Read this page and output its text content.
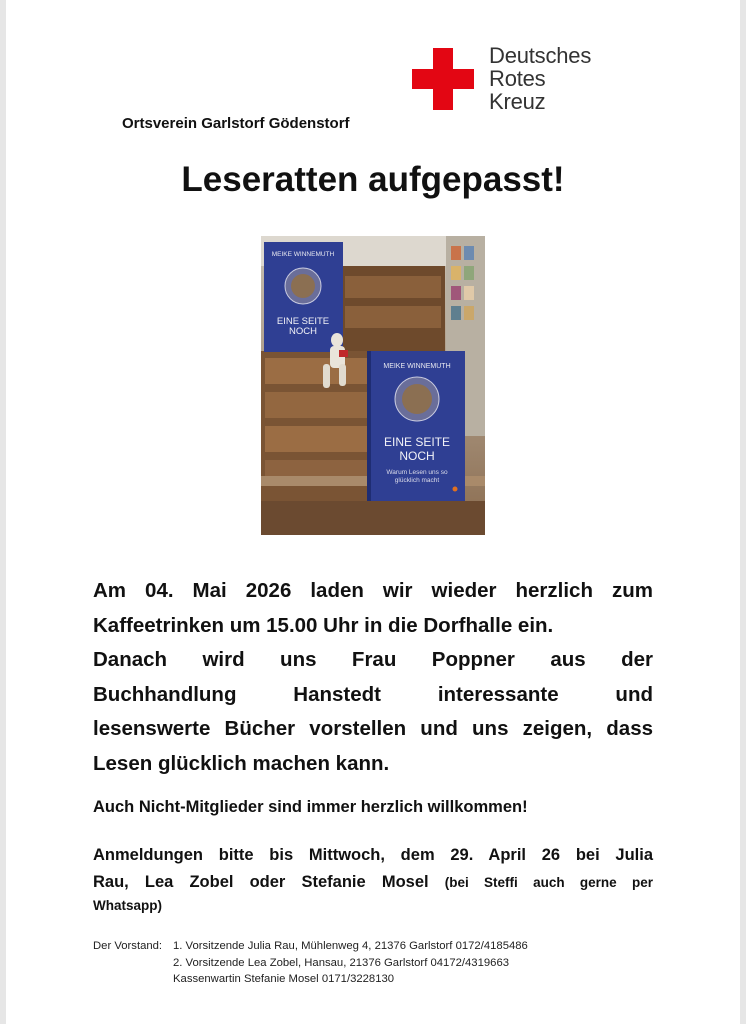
Deutsches
Rotes
Kreuz
Ortsverein Garlstorf Gödenstorf
Leseratten aufgepasst!
MEIKE WINNEMUTH
EINE SEITE
NOCH
MEIKE WINNEMUTH
EINE SEITE
NOCH
Warum Lesen uns so
glücklich macht
Am 04. Mai 2026 laden wir wieder herzlich zum
Kaffeetrinken um 15.00 Uhr in die Dorfhalle ein.
Danach wird uns Frau Poppner aus der
Buchhandlung Hanstedt interessante und
lesenswerte Bücher vorstellen und uns zeigen, dass
Lesen glücklich machen kann.
Auch Nicht-Mitglieder sind immer herzlich willkommen!
Anmeldungen bitte bis Mittwoch, dem 29. April 26 bei Julia
Rau, Lea Zobel oder Stefanie Mosel (bei Steffi auch gerne per
Whatsapp)
Der Vorstand: 1. Vorsitzende Julia Rau, Mühlenweg 4, 21376 Garlstorf 0172/4185486
2. Vorsitzende Lea Zobel, Hansau, 21376 Garlstorf 04172/4319663
Kassenwartin Stefanie Mosel 0171/3228130
